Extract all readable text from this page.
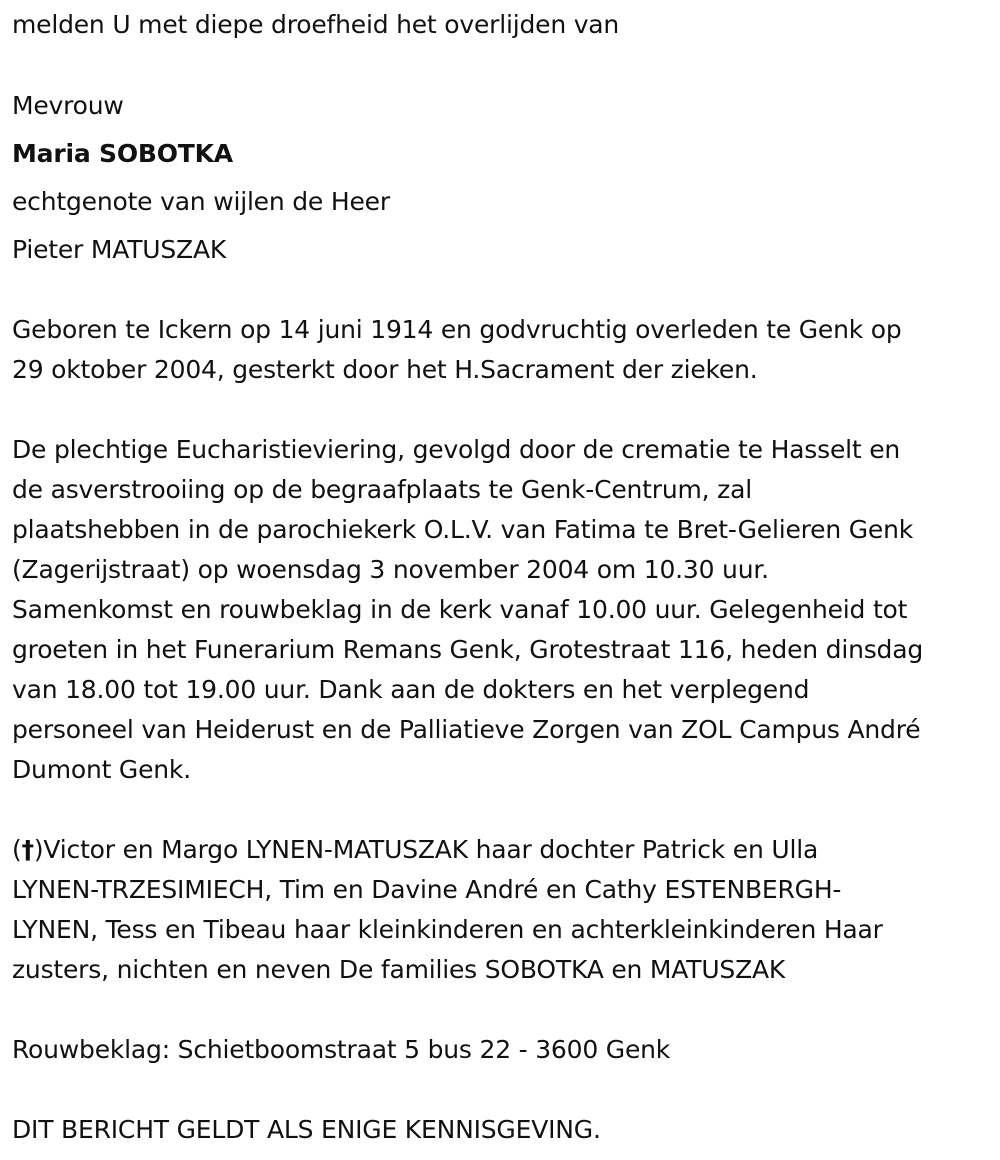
melden U met diepe droefheid het overlijden van
Mevrouw
Maria SOBOTKA
echtgenote van wijlen de Heer
Pieter MATUSZAK
Geboren te Ickern op 14 juni 1914 en godvruchtig overleden te Genk op
29 oktober 2004, gesterkt door het H.Sacrament der zieken.
De plechtige Eucharistieviering, gevolgd door de crematie te Hasselt en
de asverstrooiing op de begraafplaats te Genk-Centrum, zal
plaatshebben in de parochiekerk O.L.V. van Fatima te Bret-Gelieren Genk
(Zagerijstraat) op woensdag 3 november 2004 om 10.30 uur.
Samenkomst en rouwbeklag in de kerk vanaf 10.00 uur. Gelegenheid tot
groeten in het Funerarium Remans Genk, Grotestraat 116, heden dinsdag
van 18.00 tot 19.00 uur. Dank aan de dokters en het verplegend
personeel van Heiderust en de Palliatieve Zorgen van ZOL Campus André
Dumont Genk.
(†)Victor en Margo LYNEN-MATUSZAK haar dochter Patrick en Ulla
LYNEN-TRZESIMIECH, Tim en Davine André en Cathy ESTENBERGH-
LYNEN, Tess en Tibeau haar kleinkinderen en achterkleinkinderen Haar
zusters, nichten en neven De families SOBOTKA en MATUSZAK
Rouwbeklag: Schietboomstraat 5 bus 22 - 3600 Genk
DIT BERICHT GELDT ALS ENIGE KENNISGEVING.
